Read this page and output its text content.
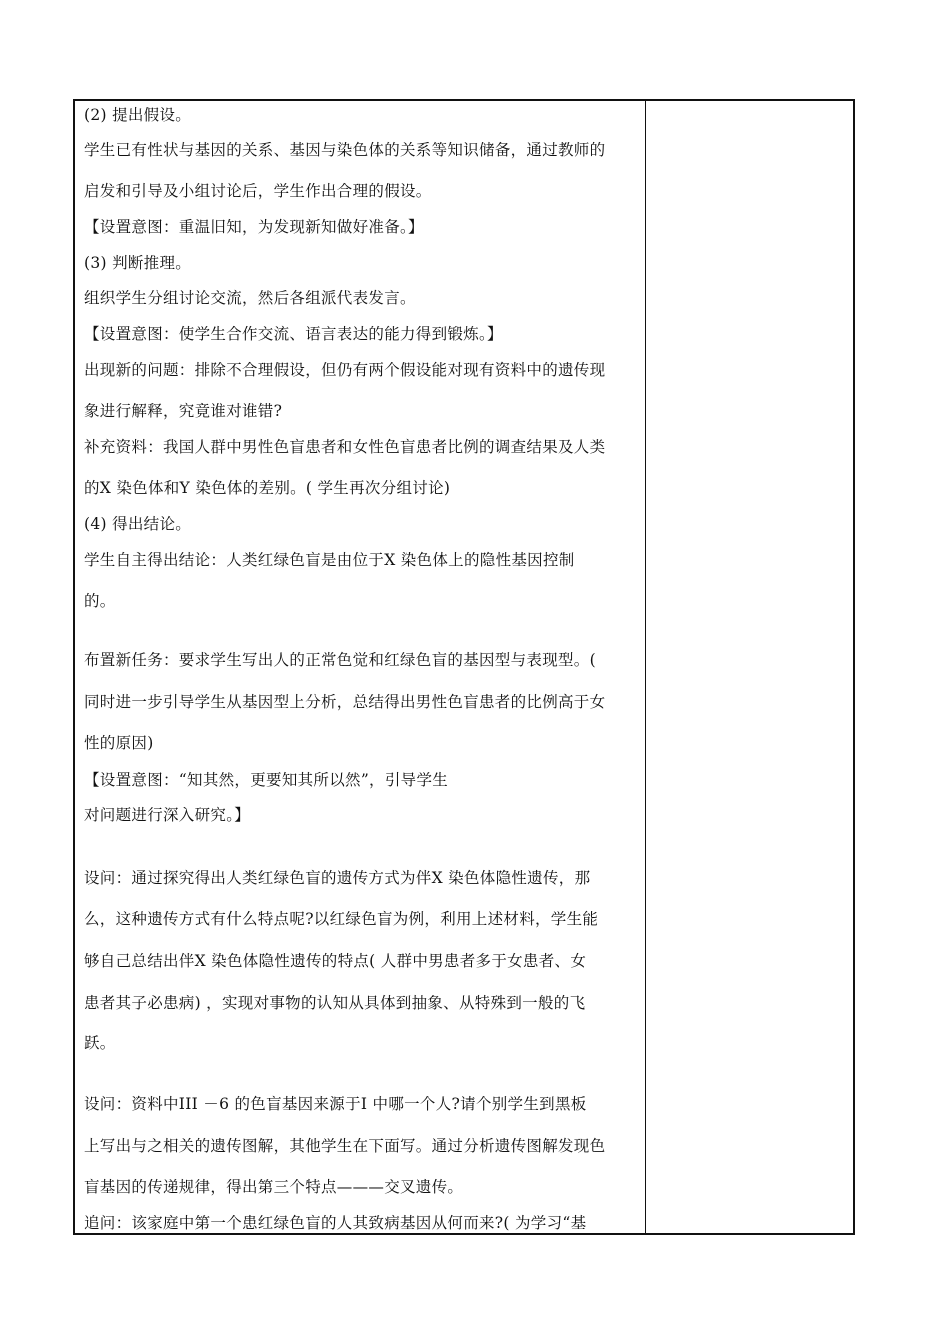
(2) 提出假设。
学生已有性状与基因的关系、基因与染色体的关系等知识储备，通过教师的
启发和引导及小组讨论后，学生作出合理的假设。
【设置意图：重温旧知，为发现新知做好准备。】
(3) 判断推理。
组织学生分组讨论交流，然后各组派代表发言。
【设置意图：使学生合作交流、语言表达的能力得到锻炼。】
出现新的问题：排除不合理假设，但仍有两个假设能对现有资料中的遗传现
象进行解释，究竟谁对谁错?
补充资料：我国人群中男性色盲患者和女性色盲患者比例的调查结果及人类
的X 染色体和Y 染色体的差别。( 学生再次分组讨论)
(4) 得出结论。
学生自主得出结论：人类红绿色盲是由位于X 染色体上的隐性基因控制
的。
布置新任务：要求学生写出人的正常色觉和红绿色盲的基因型与表现型。(
同时进一步引导学生从基因型上分析，总结得出男性色盲患者的比例高于女
性的原因)
【设置意图：“知其然，更要知其所以然”，引导学生
对问题进行深入研究。】
设问：通过探究得出人类红绿色盲的遗传方式为伴X 染色体隐性遗传，那
么，这种遗传方式有什么特点呢?以红绿色盲为例，利用上述材料，学生能
够自己总结出伴X 染色体隐性遗传的特点( 人群中男患者多于女患者、女
患者其子必患病) ，实现对事物的认知从具体到抽象、从特殊到一般的飞
跃。
设问：资料中III －6 的色盲基因来源于I 中哪一个人?请个别学生到黑板
上写出与之相关的遗传图解，其他学生在下面写。通过分析遗传图解发现色
盲基因的传递规律，得出第三个特点———交叉遗传。
追问：该家庭中第一个患红绿色盲的人其致病基因从何而来?( 为学习“基
